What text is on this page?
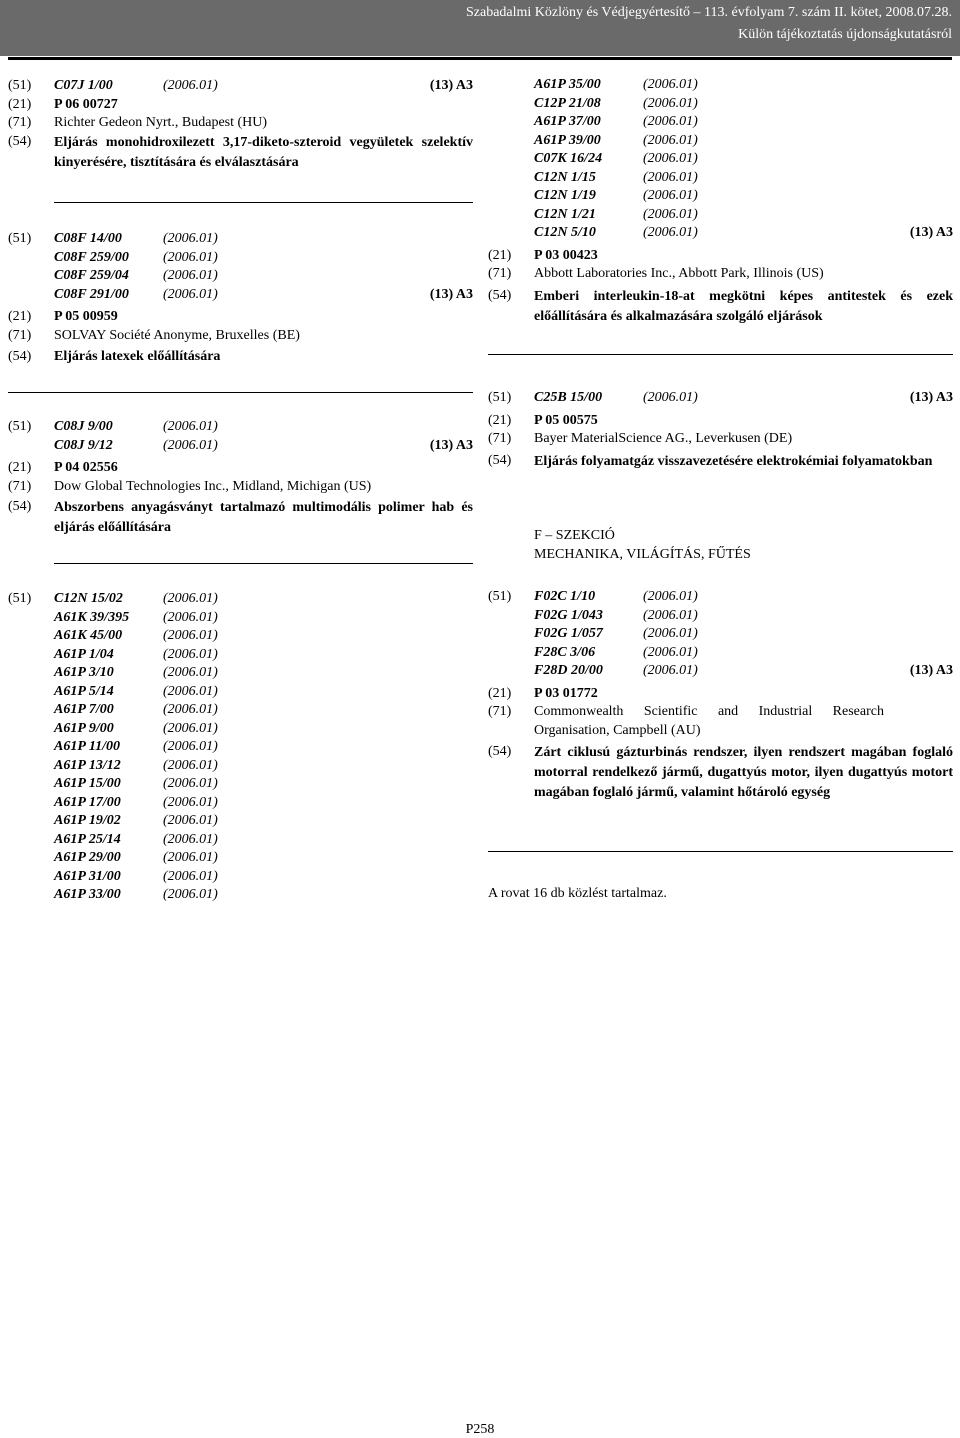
Szabadalmi Közlöny és Védjegyértesítő – 113. évfolyam 7. szám II. kötet, 2008.07.28.
Külön tájékoztatás újdonságkutatásról
(51)	C07J 1/00	(2006.01)	(13) A3
(21)	P 06 00727
(71)	Richter Gedeon Nyrt., Budapest (HU)
(54)	Eljárás monohidroxilezett 3,17-diketo-szteroid vegyületek szelektív kinyerésére, tisztítására és elválasztására
(51)	C08F 14/00	(2006.01)
C08F 259/00	(2006.01)
C08F 259/04	(2006.01)
C08F 291/00	(2006.01)	(13) A3
(21)	P 05 00959
(71)	SOLVAY Société Anonyme, Bruxelles (BE)
(54)	Eljárás latexek előállítására
(51)	C08J 9/00	(2006.01)
C08J 9/12	(2006.01)	(13) A3
(21)	P 04 02556
(71)	Dow Global Technologies Inc., Midland, Michigan (US)
(54)	Abszorbens anyagásványt tartalmazó multimodális polimer hab és eljárás előállítására
(51)	C12N 15/02	(2006.01)
A61K 39/395	(2006.01)
A61K 45/00	(2006.01)
A61P 1/04	(2006.01)
A61P 3/10	(2006.01)
A61P 5/14	(2006.01)
A61P 7/00	(2006.01)
A61P 9/00	(2006.01)
A61P 11/00	(2006.01)
A61P 13/12	(2006.01)
A61P 15/00	(2006.01)
A61P 17/00	(2006.01)
A61P 19/02	(2006.01)
A61P 25/14	(2006.01)
A61P 29/00	(2006.01)
A61P 31/00	(2006.01)
A61P 33/00	(2006.01)
A61P 35/00	(2006.01)
C12P 21/08	(2006.01)
A61P 37/00	(2006.01)
A61P 39/00	(2006.01)
C07K 16/24	(2006.01)
C12N 1/15	(2006.01)
C12N 1/19	(2006.01)
C12N 1/21	(2006.01)
C12N 5/10	(2006.01)	(13) A3
(21)	P 03 00423
(71)	Abbott Laboratories Inc., Abbott Park, Illinois (US)
(54)	Emberi interleukin-18-at megkötni képes antitestek és ezek előállítására és alkalmazására szolgáló eljárások
(51)	C25B 15/00	(2006.01)	(13) A3
(21)	P 05 00575
(71)	Bayer MaterialScience AG., Leverkusen (DE)
(54)	Eljárás folyamatgáz visszavezetésére elektrokémiai folyamatokban
F – SZEKCIÓ
MECHANIKA, VILÁGÍTÁS, FŰTÉS
(51)	F02C 1/10	(2006.01)
F02G 1/043	(2006.01)
F02G 1/057	(2006.01)
F28C 3/06	(2006.01)
F28D 20/00	(2006.01)	(13) A3
(21)	P 03 01772
(71)	Commonwealth Scientific and Industrial Research Organisation, Campbell (AU)
(54)	Zárt ciklusú gázturbinás rendszer, ilyen rendszert magában foglaló motorral rendelkező jármű, dugattyús motor, ilyen dugattyús motort magában foglaló jármű, valamint hőtároló egység
A rovat 16 db közlést tartalmaz.
P258
